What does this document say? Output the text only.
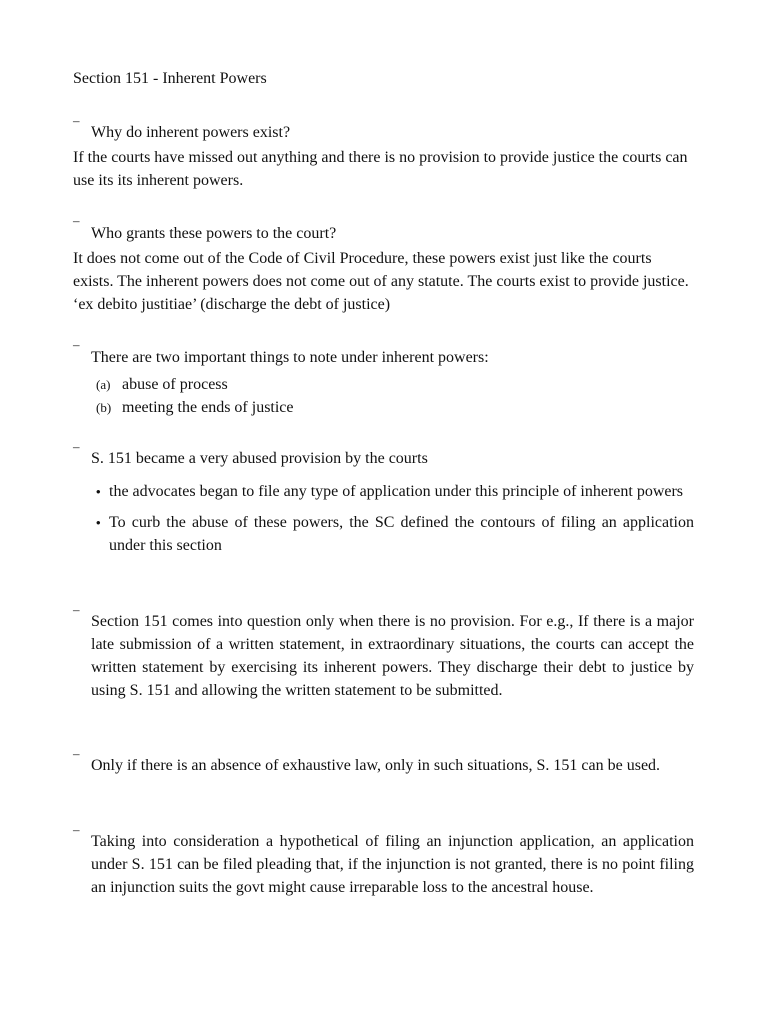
Section 151 - Inherent Powers
–

Why do inherent powers exist?

If the courts have missed out anything and there is no provision to provide justice the courts can use its its inherent powers.

–

Who grants these powers to the court?

It does not come out of the Code of Civil Procedure, these powers exist just like the courts exists. The inherent powers does not come out of any statute. The courts exist to provide justice. ‘ex debito justitiae’ (discharge the debt of justice)

–

There are two important things to note under inherent powers:

(a) abuse of process
(b) meeting the ends of justice
–

S. 151 became a very abused provision by the courts

• the advocates began to file any type of application under this principle of inherent powers
• To curb the abuse of these powers, the SC defined the contours of filing an application under this section
–

Section 151 comes into question only when there is no provision. For e.g., If there is a major late submission of a written statement, in extraordinary situations, the courts can accept the written statement by exercising its inherent powers. They discharge their debt to justice by using S. 151 and allowing the written statement to be submitted.

–

Only if there is an absence of exhaustive law, only in such situations, S. 151 can be used.

–

Taking into consideration a hypothetical of filing an injunction application, an application under S. 151 can be filed pleading that, if the injunction is not granted, there is no point filing an injunction suits the govt might cause irreparable loss to the ancestral house.
